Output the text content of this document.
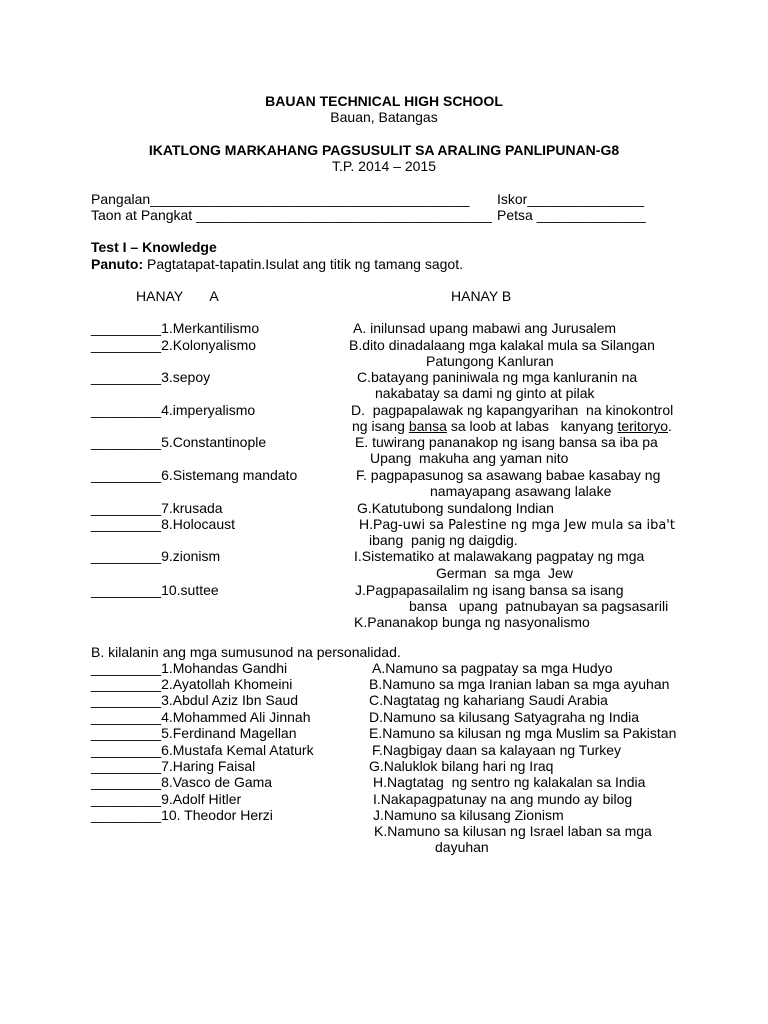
BAUAN TECHNICAL HIGH SCHOOL
Bauan, Batangas
IKATLONG MARKAHANG PAGSUSULIT SA ARALING PANLIPUNAN-G8
T.P. 2014 – 2015
Pangalan_________________________________________ Iskor_______________
Taon at Pangkat ______________________________________ Petsa ______________
Test I – Knowledge
Panuto: Pagtatapat-tapatin.Isulat ang titik ng tamang sagot.
HANAY       A	HANAY B
_________1.Merkantilismo
_________2.Kolonyalismo
_________3.sepoy
_________4.imperyalismo
_________5.Constantinople
_________6.Sistemang mandato
_________7.krusada
_________8.Holocaust
_________9.zionism
_________10.suttee
A. inilunsad upang mabawi ang Jurusalem
B.dito dinadalaang mga kalakal mula sa Silangan
Patungong Kanluran
C.batayang paniniwala ng mga kanluranin na
nakabatay sa dami ng ginto at pilak
D.  pagpapalawak ng kapangyarihan  na kinokontrol
ng isang bansa sa loob at labas   kanyang teritoryo.
E. tuwirang pananakop ng isang bansa sa iba pa
Upang  makuha ang yaman nito
F. pagpapasunog sa asawang babae kasabay ng
namayapang asawang lalake
G.Katutubong sundalong Indian
H.Pag-uwi sa Palestine ng mga Jew mula sa iba't
ibang  panig ng daigdig.
I.Sistematiko at malawakang pagpatay ng mga
German  sa mga  Jew
J.Pagpapasailalim ng isang bansa sa isang
bansa   upang  patnubayan sa pagsasarili
K.Pananakop bunga ng nasyonalismo
B. kilalanin ang mga sumusunod na personalidad.
_________1.Mohandas Gandhi
_________2.Ayatollah Khomeini
_________3.Abdul Aziz Ibn Saud
_________4.Mohammed Ali Jinnah
_________5.Ferdinand Magellan
_________6.Mustafa Kemal Ataturk
_________7.Haring Faisal
_________8.Vasco de Gama
_________9.Adolf Hitler
_________10. Theodor Herzi
A.Namuno sa pagpatay sa mga Hudyo
B.Namuno sa mga Iranian laban sa mga ayuhan
C.Nagtatag ng kahariang Saudi Arabia
D.Namuno sa kilusang Satyagraha ng India
E.Namuno sa kilusan ng mga Muslim sa Pakistan
F.Nagbigay daan sa kalayaan ng Turkey
G.Naluklok bilang hari ng Iraq
H.Nagtatag  ng sentro ng kalakalan sa India
I.Nakapagpatunay na ang mundo ay bilog
J.Namuno sa kilusang Zionism
K.Namuno sa kilusan ng Israel laban sa mga
dayuhan
